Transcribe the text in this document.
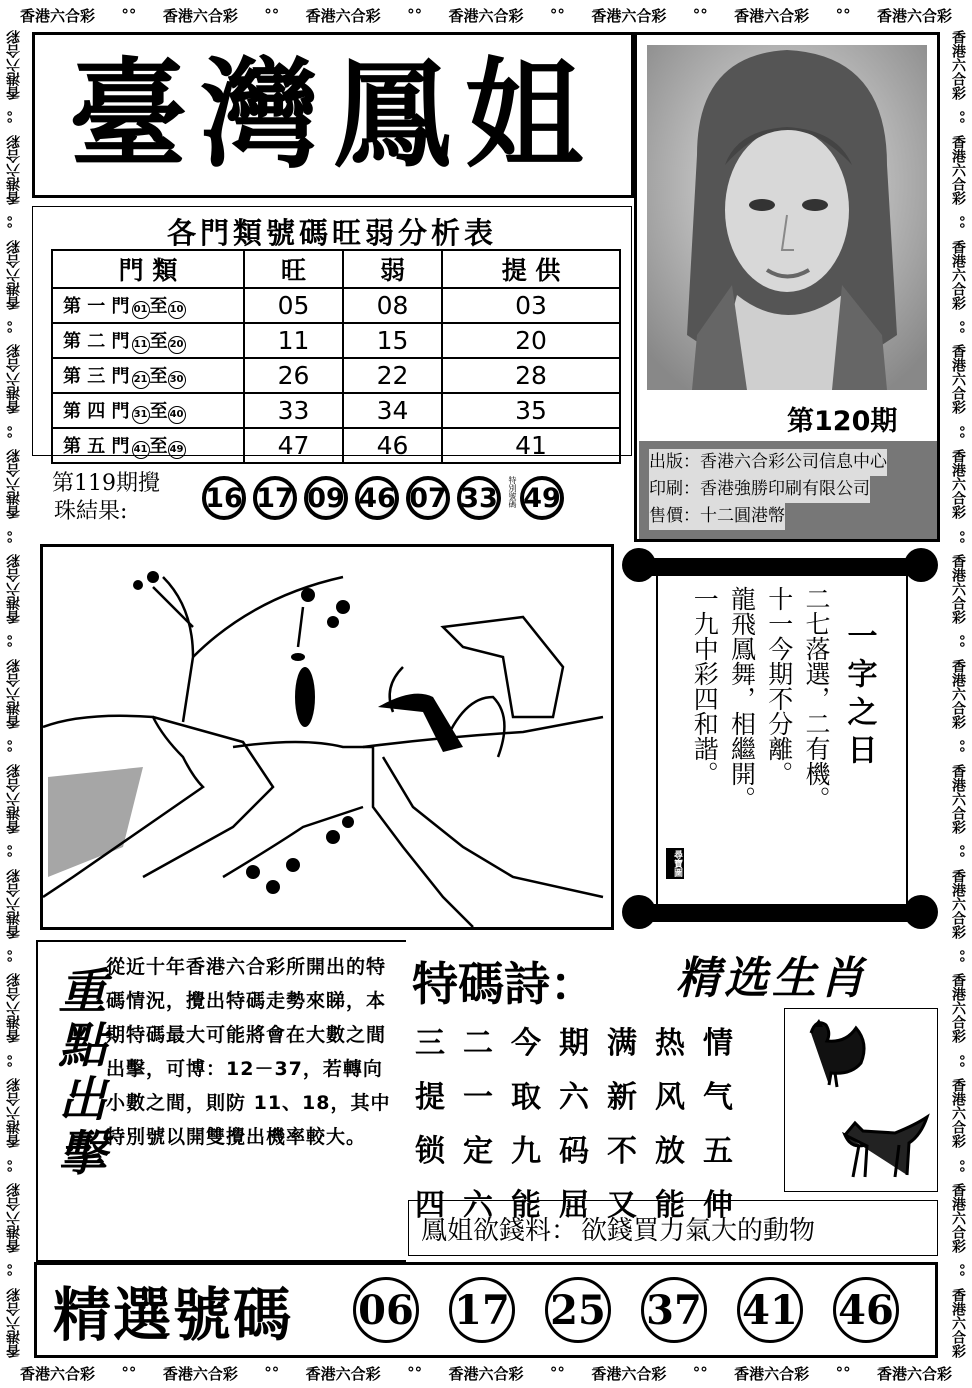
香港六合彩 °° 香港六合彩 °° 香港六合彩 °° 香港六合彩 °° 香港六合彩 °° 香港六合彩 °° 香港六合彩
香港六合彩 °° 香港六合彩 °° 香港六合彩 °° 香港六合彩 °° 香港六合彩 °° 香港六合彩 °° 香港六合彩
香港六合彩
°°
香港六合彩
°°
香港六合彩
°°
香港六合彩
°°
香港六合彩
°°
香港六合彩
°°
香港六合彩
°°
香港六合彩
°°
香港六合彩
°°
香港六合彩
°°
香港六合彩
°°
香港六合彩
°°
香港六合彩
香港六合彩
°°
香港六合彩
°°
香港六合彩
°°
香港六合彩
°°
香港六合彩
°°
香港六合彩
°°
香港六合彩
°°
香港六合彩
°°
香港六合彩
°°
香港六合彩
°°
香港六合彩
°°
香港六合彩
°°
香港六合彩
臺灣鳳姐
第120期
出版：香港六合彩公司信息中心
印刷：香港強勝印刷有限公司
售價：十二圓港幣
各門類號碼旺弱分析表
門 類	旺	弱	提 供
第 一 門 01 至 10	05	08	03
第 二 門 11 至 20	11	15	20
第 三 門 21 至 30	26	22	28
第 四 門 31 至 40	33	34	35
第 五 門 41 至 49	47	46	41
第119期攪
珠結果:	16 17 09 46 07 33	特別號碼 49
一字之日
二七落選，二有機。
十一今期不分離。
龍飛鳳舞，相繼開。
一九中彩四和諧。
尋寶圖
重點出擊 從近十年香港六合彩所開出的特碼情況，攪出特碼走勢來睇，本期特碼最大可能將會在大數之間出擊，可博：12－37，若轉向小數之間，則防 11、18，其中特別號以開雙攪出機率較大。
特碼詩： 精选生肖
三 二 今 期 满 热 情
提 一 取 六 新 风 气
锁 定 九 码 不 放 五
四 六 能 屈 又 能 伸
鳳姐欲錢料： 欲錢買力氣大的動物
精選號碼	06 17 25 37 41 46
